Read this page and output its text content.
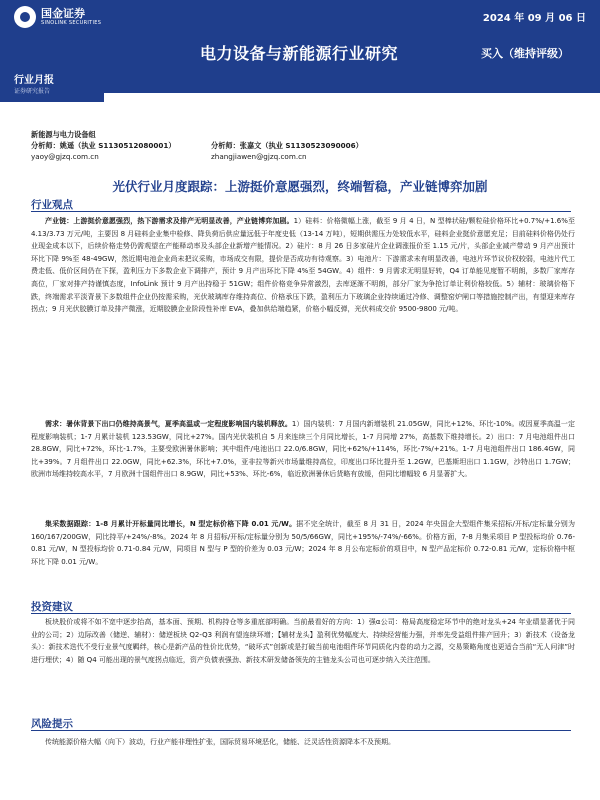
国金证券
SINOLINK SECURITIES	2024 年 09 月 06 日
电力设备与新能源行业研究	买入（维持评级）
行业月报
证券研究报告
新能源与电力设备组
分析师：姚遥（执业 S1130512080001）
yaoy@gjzq.com.cn

分析师：张嘉文（执业 S1130523090006）
zhangjiawen@gjzq.com.cn
光伏行业月度跟踪：上游挺价意愿强烈，终端暂稳，产业链博弈加剧
行业观点

产业链：上游挺价意愿强烈，热下游需求及排产无明显改善，产业链博弈加剧。1）硅料：价格微幅上涨，截至 9 月 4 日，N 型棒状硅/颗粒硅价格环比+0.7%/+1.6%至 4.13/3.73 万元/吨，主要因 8 月硅料企业集中检修、降负荷后供应量远低于年度史低（13-14 万吨），短期供需压力处较低水平，硅料企业挺价意愿充足；目前硅料价格仍处行业现金成本以下，后续价格走势仍需观望在产能释动率及头部企业新增产能情况。2）硅片：8 月 26 日多家硅片企业调涨报价至 1.15 元/片，头部企业减产带动 9 月产出预计环比下降 9%至 48-49GW，然近期电池企业尚未把议采购，市场成交有限，提价是否成功有待观察。3）电池片：下游需求未有明显改善，电池片环节议价权较弱，电池片代工费走低、低价区间仍在下探，盈利压力下多数企业下调排产，预计 9 月产出环比下降 4%至 54GW。4）组件：9 月需求无明显好转，Q4 订单能见度暂不明朗，多数厂家库存高位，厂家对排产持谨慎态度，InfoLink 预计 9 月产出持稳于 51GW；组件价格竞争异常激烈，去库逐渐不明朗，部分厂家为争抢订单让利价格较低。5）辅材：玻璃价格下跌，终端需求平淡背景下多数组件企业仍按需采购，光伏玻璃库存维持高位、价格承压下跌，盈利压力下玻璃企业持续通过冷修、调整窑炉闸口等措施控制产出，有望迎来库存拐点；9 月光伏胶膜订单及排产微涨，近期胶膜企业阶段性补库 EVA，叠加供给端趋紧，价格小幅反弹，光伏料成交价 9500-9800 元/吨。

需求：暑休背景下出口仍维持高景气，夏季高温或一定程度影响国内装机释放。1）国内装机：7 月国内新增装机 21.05GW，同比+12%、环比-10%。或因夏季高温一定程度影响装机；1-7 月累计装机 123.53GW，同比+27%。国内光伏装机自 5 月来连续三个月同比增长，1-7 月同增 27%，高基数下维持增长。2）出口：7 月电池组件出口 28.8GW，同比+72%，环比-1.7%，主要受欧洲暑休影响；其中组件/电池出口 22.0/6.8GW，同比+62%/+114%，环比-7%/+21%。1-7 月电池组件出口 186.4GW，同比+39%。7 月组件出口 22.0GW，同比+62.3%，环比+7.0%，亚非拉等新兴市场量维持高位，印度出口环比提升至 1.2GW，巴基斯坦出口 1.1GW，沙特出口 1.7GW；欧洲市场维持较高水平，7 月欧洲十国组件出口 8.9GW，同比+53%、环比-6%，临近欧洲暑休后货略有放缓，但同比增幅较 6 月显著扩大。

集采数据跟踪：1-8 月累计开标量同比增长，N 型定标价格下降 0.01 元/W。据不完全统计，截至 8 月 31 日，2024 年央国企大型组件集采招标/开标/定标量分别为 160/167/200GW，同比持平/+24%/-8%。2024 年 8 月招标/开标/定标量分别为 50/5/66GW，同比+195%/-74%/-66%。价格方面，7-8 月集采项目 P 型投标均价 0.76-0.81 元/W，N 型投标均价 0.71-0.84 元/W，同项目 N 型与 P 型的价差为 0.03 元/W；2024 年 8 月公布定标价的项目中，N 型产品定标价 0.72-0.81 元/W，定标价格中枢环比下降 0.01 元/W。

投资建议

板块股价或将不如不宽中逐步抬高，基本面、预期、机构持仓等多重底部明确。当前最看好的方向：1）强α公司：格局高度稳定环节中的绝对龙头+24 年业绩显著优于同业的公司；2）边际改善（储逆、辅材）：储逆板块 Q2-Q3 利润有望连续环增；【辅材龙头】盈利优势幅度大、持续经营能力强，并率先受益组件排产回升；3）新技术（设备龙头）：新技术迭代不受行业景气度羁绊，核心是新产品的性价比优势，“破坏式”创新或是打破当前电池组件环节同质化内卷的动力之源，交易策略角度也更适合当前“无人问津”时进行埋伏；4）随 Q4 可能出现的景气度拐点临近，资产负债表强劲、新技术研发储备领先的主链龙头公司也可逐步纳入关注范围。

风险提示

传统能源价格大幅（向下）波动，行业产能非理性扩张，国际贸易环境恶化，储能、泛灵活性资源降本不及预期。
